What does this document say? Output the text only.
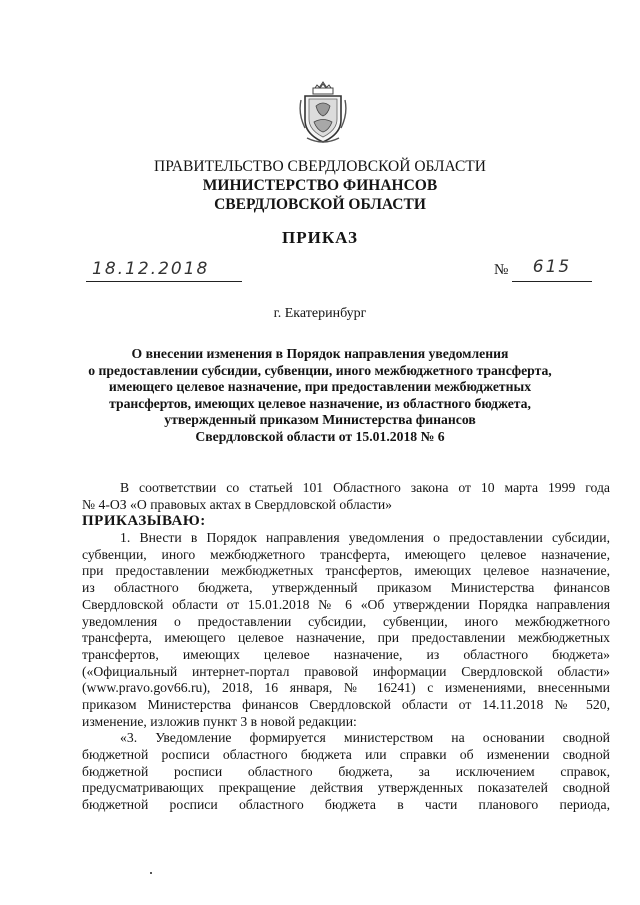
ПРАВИТЕЛЬСТВО СВЕРДЛОВСКОЙ ОБЛАСТИ
МИНИСТЕРСТВО ФИНАНСОВ
СВЕРДЛОВСКОЙ ОБЛАСТИ
ПРИКАЗ
18.12.2018	№	615
г. Екатеринбург
О внесении изменения в Порядок направления уведомления
о предоставлении субсидии, субвенции, иного межбюджетного трансферта,
имеющего целевое назначение, при предоставлении межбюджетных
трансфертов, имеющих целевое назначение, из областного бюджета,
утвержденный приказом Министерства финансов
Свердловской области от 15.01.2018 № 6
В соответствии со статьей 101 Областного закона от 10 марта 1999 года
№ 4-ОЗ «О правовых актах в Свердловской области»
ПРИКАЗЫВАЮ:
1. Внести в Порядок направления уведомления о предоставлении субсидии,
субвенции, иного межбюджетного трансферта, имеющего целевое назначение,
при предоставлении межбюджетных трансфертов, имеющих целевое назначение,
из областного бюджета, утвержденный приказом Министерства финансов
Свердловской области от 15.01.2018 № 6 «Об утверждении Порядка направления
уведомления о предоставлении субсидии, субвенции, иного межбюджетного
трансферта, имеющего целевое назначение, при предоставлении межбюджетных
трансфертов, имеющих целевое назначение, из областного бюджета»
(«Официальный интернет-портал правовой информации Свердловской области»
(www.pravo.gov66.ru), 2018, 16 января, № 16241) с изменениями, внесенными
приказом Министерства финансов Свердловской области от 14.11.2018 № 520,
изменение, изложив пункт 3 в новой редакции:
«3. Уведомление формируется министерством на основании сводной
бюджетной росписи областного бюджета или справки об изменении сводной
бюджетной росписи областного бюджета, за исключением справок,
предусматривающих прекращение действия утвержденных показателей сводной
бюджетной росписи областного бюджета в части планового периода,
